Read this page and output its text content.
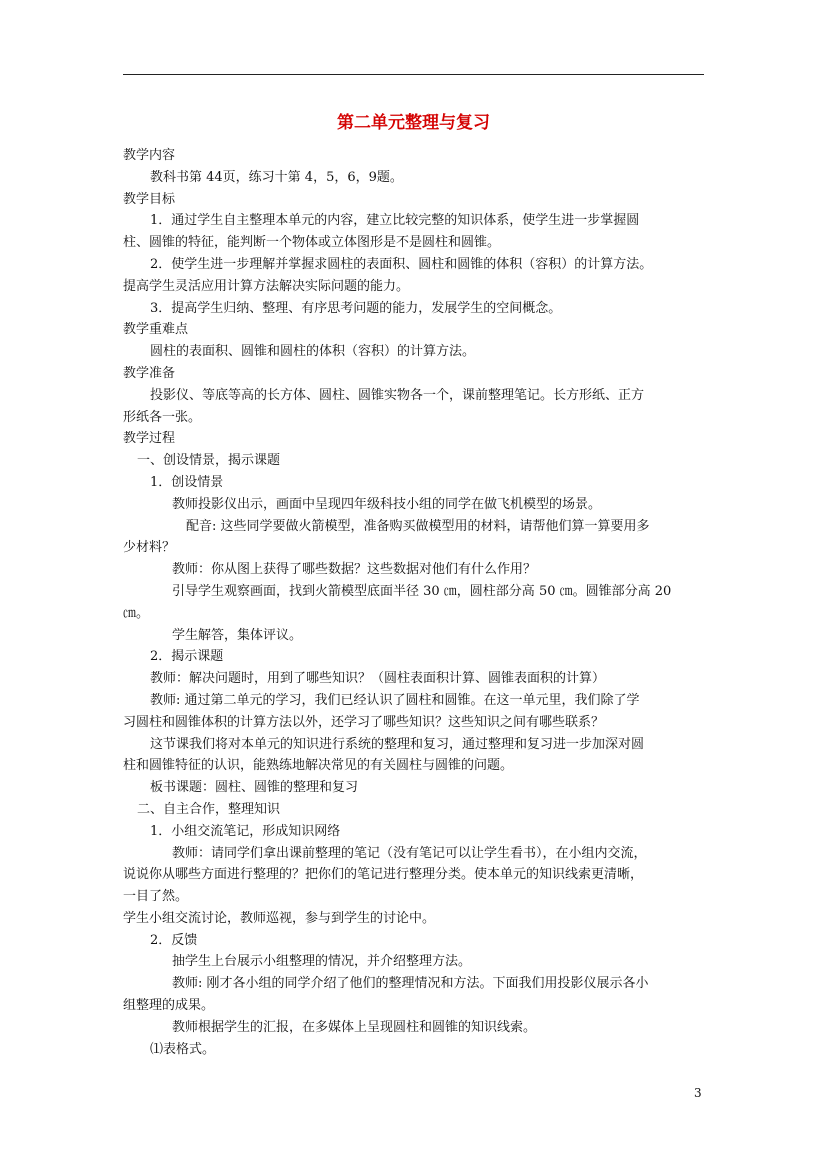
第二单元整理与复习
教学内容
教科书第 44页，练习十第 4，5，6，9题。
教学目标
1．通过学生自主整理本单元的内容，建立比较完整的知识体系，使学生进一步掌握圆
柱、圆锥的特征，能判断一个物体或立体图形是不是圆柱和圆锥。
2．使学生进一步理解并掌握求圆柱的表面积、圆柱和圆锥的体积（容积）的计算方法。
提高学生灵活应用计算方法解决实际问题的能力。
3．提高学生归纳、整理、有序思考问题的能力，发展学生的空间概念。
教学重难点
圆柱的表面积、圆锥和圆柱的体积（容积）的计算方法。
教学准备
投影仪、等底等高的长方体、圆柱、圆锥实物各一个，课前整理笔记。长方形纸、正方
形纸各一张。
教学过程
一、创设情景，揭示课题
1．创设情景
教师投影仪出示，画面中呈现四年级科技小组的同学在做飞机模型的场景。
配音: 这些同学要做火箭模型，准备购买做模型用的材料，请帮他们算一算要用多
少材料？
教师：你从图上获得了哪些数据？这些数据对他们有什么作用？
引导学生观察画面，找到火箭模型底面半径 30 ㎝，圆柱部分高 50 ㎝。圆锥部分高 20
㎝。
学生解答，集体评议。
2．揭示课题
教师：解决问题时，用到了哪些知识？（圆柱表面积计算、圆锥表面积的计算）
教师: 通过第二单元的学习，我们已经认识了圆柱和圆锥。在这一单元里，我们除了学
习圆柱和圆锥体积的计算方法以外，还学习了哪些知识？这些知识之间有哪些联系？
这节课我们将对本单元的知识进行系统的整理和复习，通过整理和复习进一步加深对圆
柱和圆锥特征的认识，能熟练地解决常见的有关圆柱与圆锥的问题。
板书课题：圆柱、圆锥的整理和复习
二、自主合作，整理知识
1．小组交流笔记，形成知识网络
教师：请同学们拿出课前整理的笔记（没有笔记可以让学生看书），在小组内交流，
说说你从哪些方面进行整理的？把你们的笔记进行整理分类。使本单元的知识线索更清晰，
一目了然。
学生小组交流讨论，教师巡视，参与到学生的讨论中。
2．反馈
抽学生上台展示小组整理的情况，并介绍整理方法。
教师: 刚才各小组的同学介绍了他们的整理情况和方法。下面我们用投影仪展示各小
组整理的成果。
教师根据学生的汇报，在多媒体上呈现圆柱和圆锥的知识线索。
⑴表格式。
3
